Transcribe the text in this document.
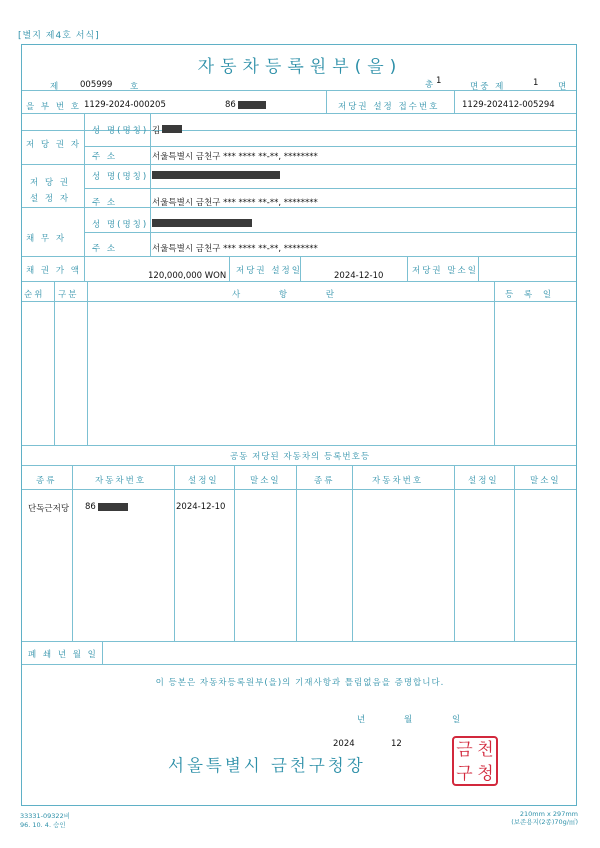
[별지 제4호 서식]
자동차등록원부(을)
제 005999 호	총 1
면중 제	1 면
을 부 번 호 1129-2024-000205	86	저당권 설정 접수번호	1129-202412-005294
저 당 권 자
성 명(명칭) 김
주 소	서울특별시 금천구 *** **** **-**, ********
저 당 권
설 정 자
성 명(명칭)
주 소	서울특별시 금천구 *** **** **-**, ********
채 무 자
성 명(명칭)
주 소	서울특별시 금천구 *** **** **-**, ********
채 권 가 액	120,000,000 WON 저당권 설정일	2024-12-10	저당권 말소일
순위 구분	사 항 란	등 록 일
공동 저당된 자동차의 등록번호등
종류	자동차번호	설정일	말소일	종류	자동차번호	설정일	말소일
단독근저당 86	2024-12-10
폐 쇄 년 월 일
이 등본은 자동차등록원부(을)의 기재사항과 틀림없음을 증명합니다.
년	월	일
2024	12
서울특별시 금천구청장
금 천
구 청
33331-09322비
96. 10. 4. 승인
210mm x 297mm
(보존용지(2종)70g/㎡)
